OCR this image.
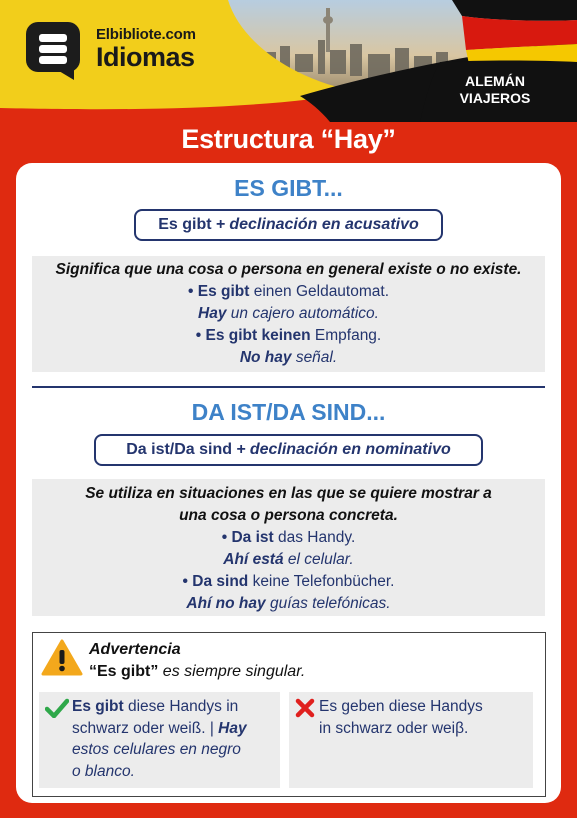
Elbibliote.com
Idiomas
ALEMÁN
VIAJEROS
Estructura “Hay”
ES GIBT...
Es gibt + declinación en acusativo
Significa que una cosa o persona en general existe o no existe.
• Es gibt einen Geldautomat.
Hay un cajero automático.
• Es gibt keinen Empfang.
No hay señal.
DA IST/DA SIND...
Da ist/Da sind + declinación en nominativo
Se utiliza en situaciones en las que se quiere mostrar a
una cosa o persona concreta.
• Da ist das Handy.
Ahí está el celular.
• Da sind keine Telefonbücher.
Ahí no hay guías telefónicas.
Advertencia
“Es gibt” es siempre singular.
Es gibt diese Handys in
schwarz oder weiß. | Hay
estos celulares en negro
o blanco.
Es geben diese Handys
in schwarz oder weiβ.
